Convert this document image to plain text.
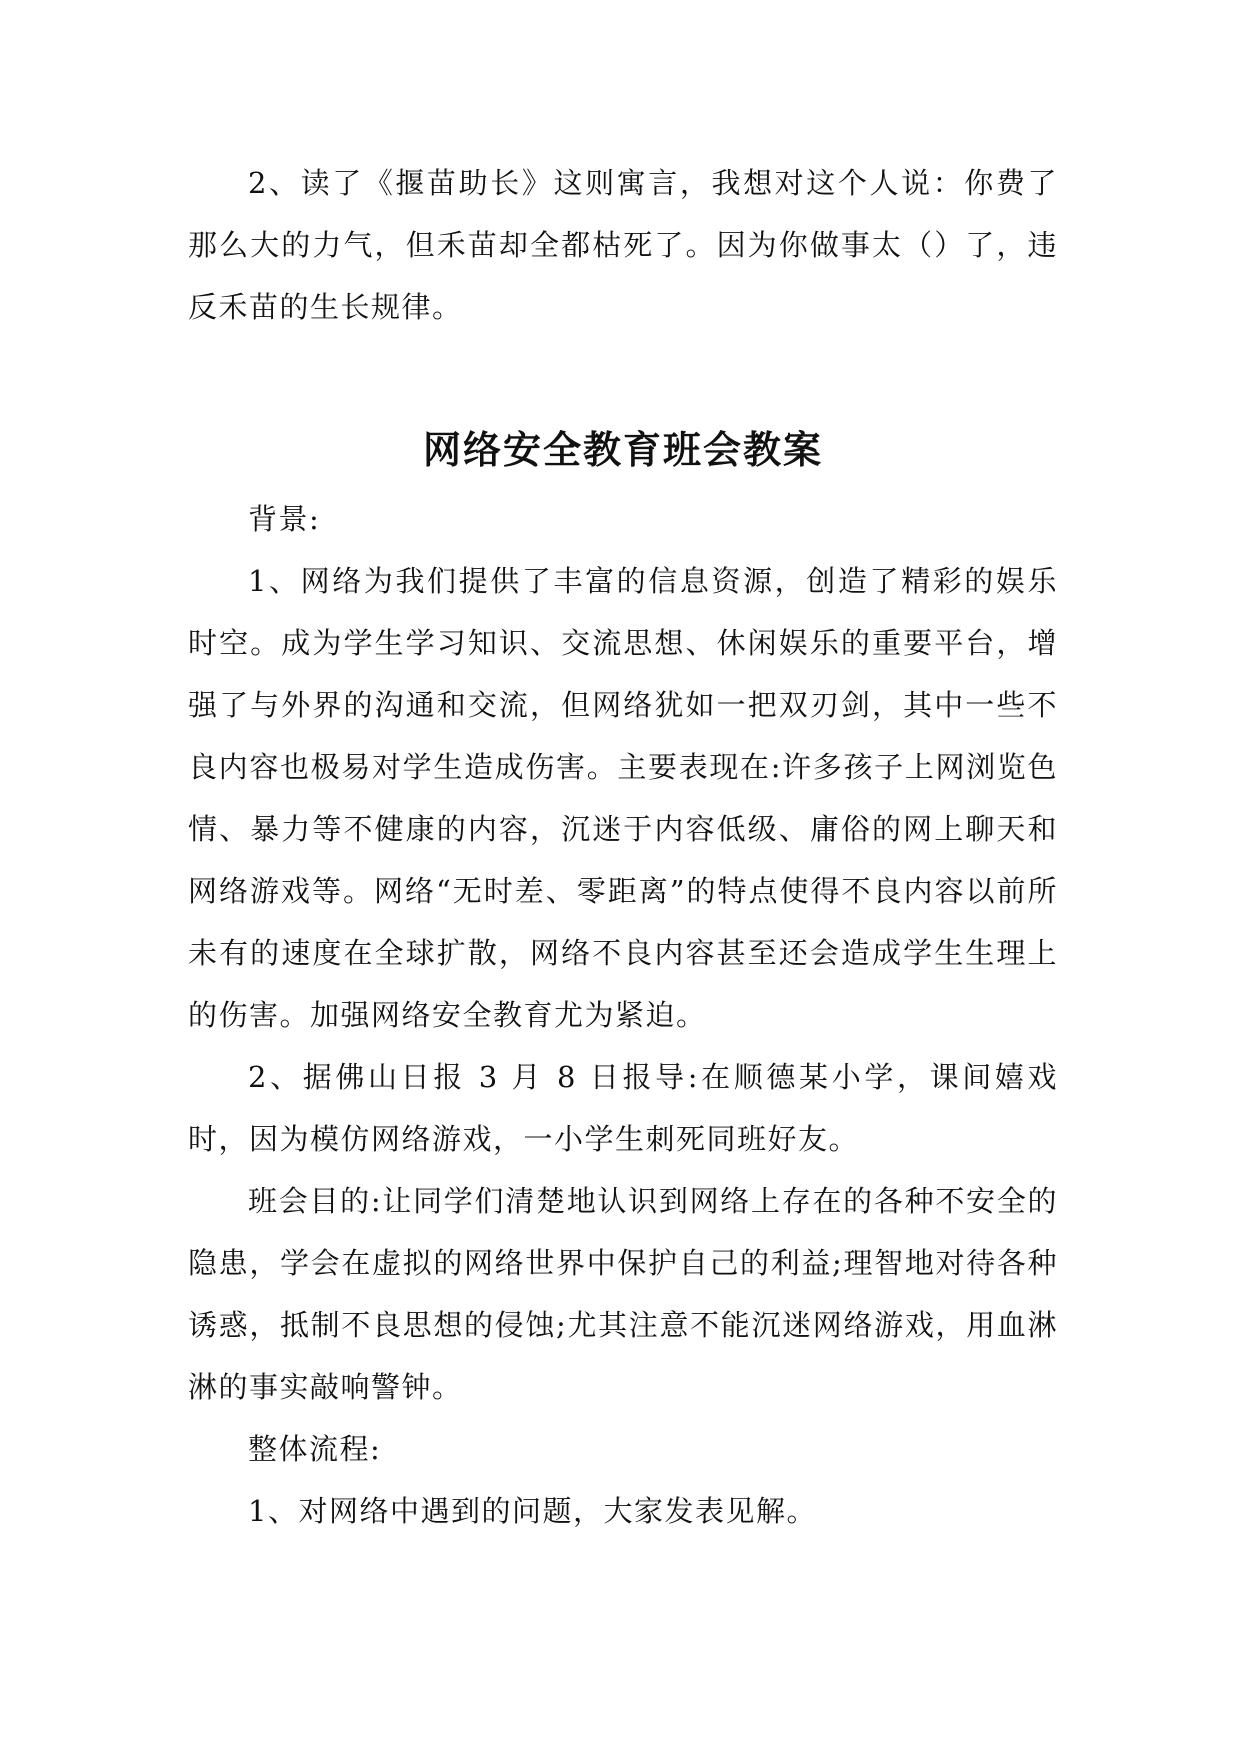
2、读了《揠苗助长》这则寓言，我想对这个人说：你费了那么大的力气，但禾苗却全都枯死了。因为你做事太（）了，违反禾苗的生长规律。

网络安全教育班会教案

背景:

1、网络为我们提供了丰富的信息资源，创造了精彩的娱乐时空。成为学生学习知识、交流思想、休闲娱乐的重要平台，增强了与外界的沟通和交流，但网络犹如一把双刃剑，其中一些不良内容也极易对学生造成伤害。主要表现在:许多孩子上网浏览色情、暴力等不健康的内容，沉迷于内容低级、庸俗的网上聊天和网络游戏等。网络“无时差、零距离”的特点使得不良内容以前所未有的速度在全球扩散，网络不良内容甚至还会造成学生生理上的伤害。加强网络安全教育尤为紧迫。

2、据佛山日报 3 月 8 日报导:在顺德某小学，课间嬉戏时，因为模仿网络游戏，一小学生刺死同班好友。

班会目的:让同学们清楚地认识到网络上存在的各种不安全的隐患，学会在虚拟的网络世界中保护自己的利益;理智地对待各种诱惑，抵制不良思想的侵蚀;尤其注意不能沉迷网络游戏，用血淋淋的事实敲响警钟。

整体流程:

1、对网络中遇到的问题，大家发表见解。
